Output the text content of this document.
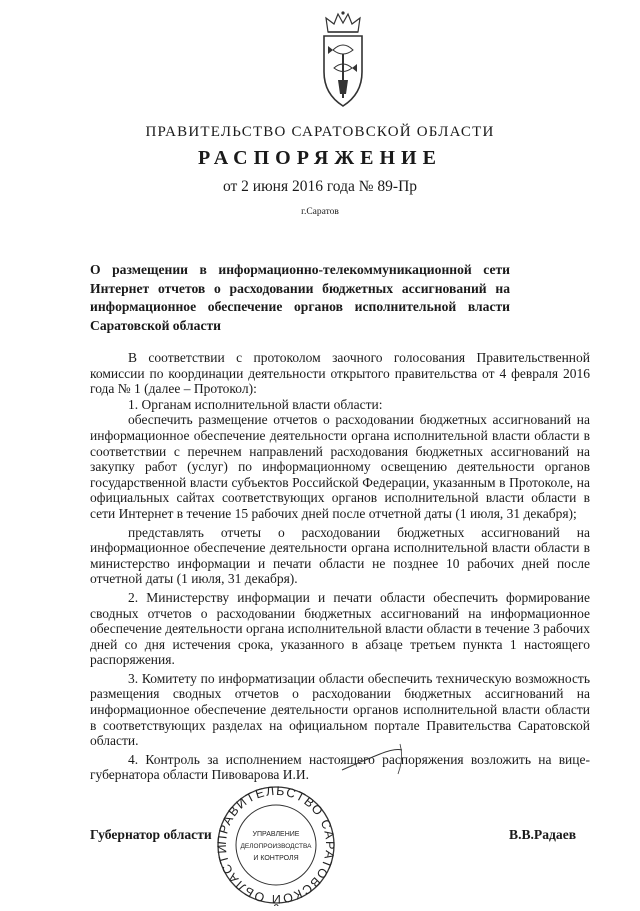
ПРАВИТЕЛЬСТВО САРАТОВСКОЙ ОБЛАСТИ
РАСПОРЯЖЕНИЕ
от 2 июня 2016 года № 89-Пр
г.Саратов
О размещении в информационно-телекоммуникационной сети Интернет отчетов о расходовании бюджетных ассигнований на информационное обеспечение органов исполнительной власти Саратовской области

В соответствии с протоколом заочного голосования Правительственной комиссии по координации деятельности открытого правительства от 4 февраля 2016 года № 1 (далее – Протокол):

1. Органам исполнительной власти области:

обеспечить размещение отчетов о расходовании бюджетных ассигнований на информационное обеспечение деятельности органа исполнительной власти области в соответствии с перечнем направлений расходования бюджетных ассигнований на закупку работ (услуг) по информационному освещению деятельности органов государственной власти субъектов Российской Федерации, указанным в Протоколе, на официальных сайтах соответствующих органов исполнительной власти области в сети Интернет в течение 15 рабочих дней после отчетной даты (1 июля, 31 декабря);

представлять отчеты о расходовании бюджетных ассигнований на информационное обеспечение деятельности органа исполнительной власти области в министерство информации и печати области не позднее 10 рабочих дней после отчетной даты (1 июля, 31 декабря).

2. Министерству информации и печати области обеспечить формирование сводных отчетов о расходовании бюджетных ассигнований на информационное обеспечение деятельности органа исполнительной власти области в течение 3 рабочих дней со дня истечения срока, указанного в абзаце третьем пункта 1 настоящего распоряжения.

3. Комитету по информатизации области обеспечить техническую возможность размещения сводных отчетов о расходовании бюджетных ассигнований на информационное обеспечение деятельности органов исполнительной власти области в соответствующих разделах на официальном портале Правительства Саратовской области.

4. Контроль за исполнением настоящего распоряжения возложить на вице-губернатора области Пивоварова И.И.

ПРАВИТЕЛЬСТВО САРАТОВСКОЙ ОБЛАСТИ
УПРАВЛЕНИЕ
ДЕЛОПРОИЗВОДСТВА
И КОНТРОЛЯ
Губернатор области	В.В.Радаев
